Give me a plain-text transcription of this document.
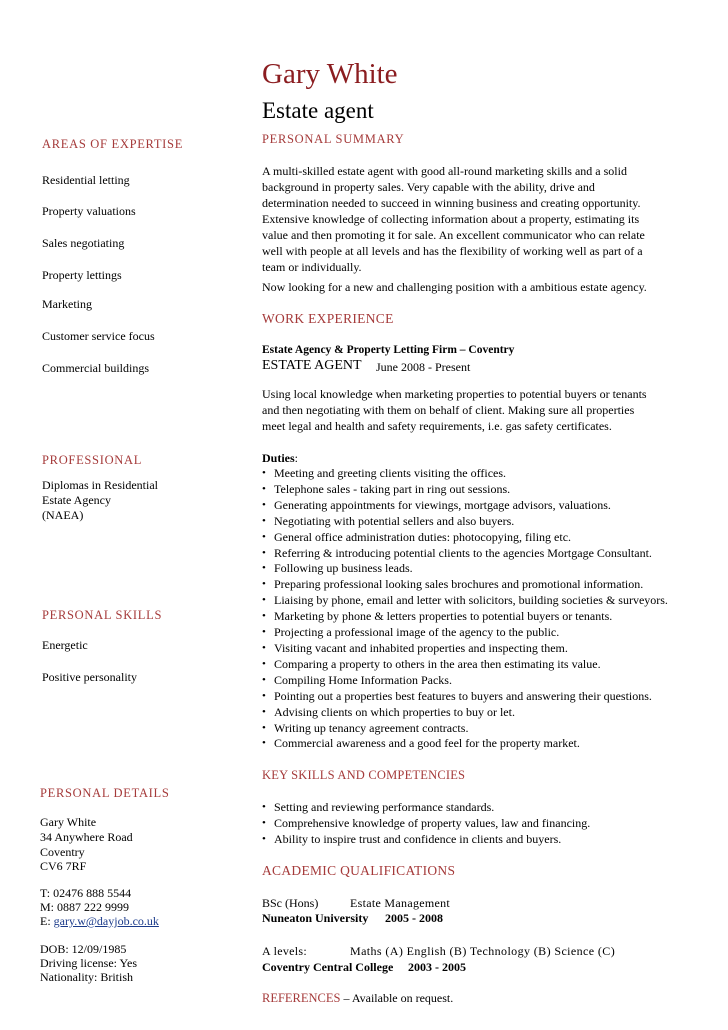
Gary White
Estate agent
AREAS OF EXPERTISE
Residential letting
Property valuations
Sales negotiating
Property lettings
Marketing
Customer service focus
Commercial buildings
PROFESSIONAL
Diplomas in Residential
Estate Agency
(NAEA)
PERSONAL SKILLS
Energetic
Positive personality
PERSONAL DETAILS
Gary White
34 Anywhere Road
Coventry
CV6 7RF
T: 02476 888 5544
M: 0887 222 9999
E: gary.w@dayjob.co.uk
DOB: 12/09/1985
Driving license: Yes
Nationality: British
PERSONAL SUMMARY

A multi-skilled estate agent with good all-round marketing skills and a solid

background in property sales. Very capable with the ability, drive and

determination needed to succeed in winning business and creating opportunity.

Extensive knowledge of collecting information about a property, estimating its

value and then promoting it for sale. An excellent communicator who can relate

well with people at all levels and has the flexibility of working well as part of a

team or individually.

Now looking for a new and challenging position with a ambitious estate agency.
WORK EXPERIENCE
Estate Agency & Property Letting Firm – Coventry
ESTATE AGENT June 2008 - Present

Using local knowledge when marketing properties to potential buyers or tenants

and then negotiating with them on behalf of client. Making sure all properties

meet legal and health and safety requirements, i.e. gas safety certificates.

Duties:
• Meeting and greeting clients visiting the offices.
• Telephone sales - taking part in ring out sessions.
• Generating appointments for viewings, mortgage advisors, valuations.
• Negotiating with potential sellers and also buyers.
• General office administration duties: photocopying, filing etc.
• Referring & introducing potential clients to the agencies Mortgage Consultant.
• Following up business leads.
• Preparing professional looking sales brochures and promotional information.
• Liaising by phone, email and letter with solicitors, building societies & surveyors.
• Marketing by phone & letters properties to potential buyers or tenants.
• Projecting a professional image of the agency to the public.
• Visiting vacant and inhabited properties and inspecting them.
• Comparing a property to others in the area then estimating its value.
• Compiling Home Information Packs.
• Pointing out a properties best features to buyers and answering their questions.
• Advising clients on which properties to buy or let.
• Writing up tenancy agreement contracts.
• Commercial awareness and a good feel for the property market.
KEY SKILLS AND COMPETENCIES
• Setting and reviewing performance standards.
• Comprehensive knowledge of property values, law and financing.
• Ability to inspire trust and confidence in clients and buyers.
ACADEMIC QUALIFICATIONS
BSc (Hons)	Estate Management
Nuneaton University 2005 - 2008
A levels:	Maths (A) English (B) Technology (B) Science (C)
Coventry Central College 2003 - 2005
REFERENCES – Available on request.
